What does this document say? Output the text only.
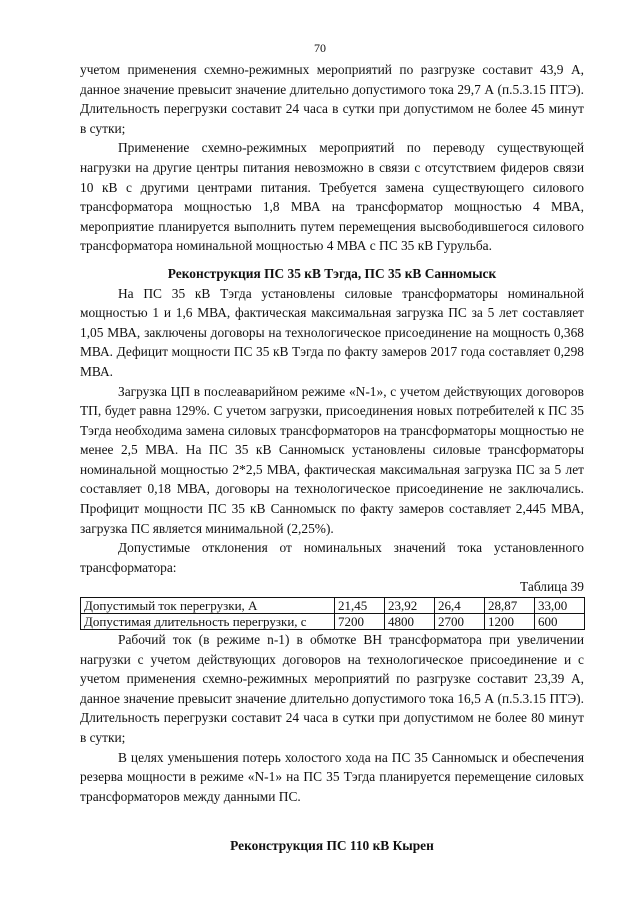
70

учетом применения схемно-режимных мероприятий по разгрузке составит 43,9 А, данное значение превысит значение длительно допустимого тока 29,7 А (п.5.3.15 ПТЭ). Длительность перегрузки составит 24 часа в сутки при допустимом не более 45 минут в сутки;

Применение схемно-режимных мероприятий по переводу существующей нагрузки на другие центры питания невозможно в связи с отсутствием фидеров связи 10 кВ с другими центрами питания. Требуется замена существующего силового трансформатора мощностью 1,8 МВА на трансформатор мощностью 4 МВА, мероприятие планируется выполнить путем перемещения высвободившегося силового трансформатора номинальной мощностью 4 МВА с ПС 35 кВ Гурульба.

Реконструкция ПС 35 кВ Тэгда, ПС 35 кВ Санномыск

На ПС 35 кВ Тэгда установлены силовые трансформаторы номинальной мощностью 1 и 1,6 МВА, фактическая максимальная загрузка ПС за 5 лет составляет 1,05 МВА, заключены договоры на технологическое присоединение на мощность 0,368 МВА. Дефицит мощности ПС 35 кВ Тэгда по факту замеров 2017 года составляет 0,298 МВА.

Загрузка ЦП в послеаварийном режиме «N-1», с учетом действующих договоров ТП, будет равна 129%. С учетом загрузки, присоединения новых потребителей к ПС 35 Тэгда необходима замена силовых трансформаторов на трансформаторы мощностью не менее 2,5 МВА. На ПС 35 кВ Санномыск установлены силовые трансформаторы номинальной мощностью 2*2,5 МВА, фактическая максимальная загрузка ПС за 5 лет составляет 0,18 МВА, договоры на технологическое присоединение не заключались. Профицит мощности ПС 35 кВ Санномыск по факту замеров составляет 2,445 МВА, загрузка ПС является минимальной (2,25%).

Допустимые отклонения от номинальных значений тока установленного трансформатора:

Таблица 39
Допустимый ток перегрузки, А	21,45	23,92	26,4	28,87	33,00
Допустимая длительность перегрузки, с	7200	4800	2700	1200	600

Рабочий ток (в режиме n-1) в обмотке ВН трансформатора при увеличении нагрузки с учетом действующих договоров на технологическое присоединение и с учетом применения схемно-режимных мероприятий по разгрузке составит 23,39 А, данное значение превысит значение длительно допустимого тока 16,5 А (п.5.3.15 ПТЭ). Длительность перегрузки составит 24 часа в сутки при допустимом не более 80 минут в сутки;

В целях уменьшения потерь холостого хода на ПС 35 Санномыск и обеспечения резерва мощности в режиме «N-1» на ПС 35 Тэгда планируется перемещение силовых трансформаторов между данными ПС.

Реконструкция ПС 110 кВ Кырен
